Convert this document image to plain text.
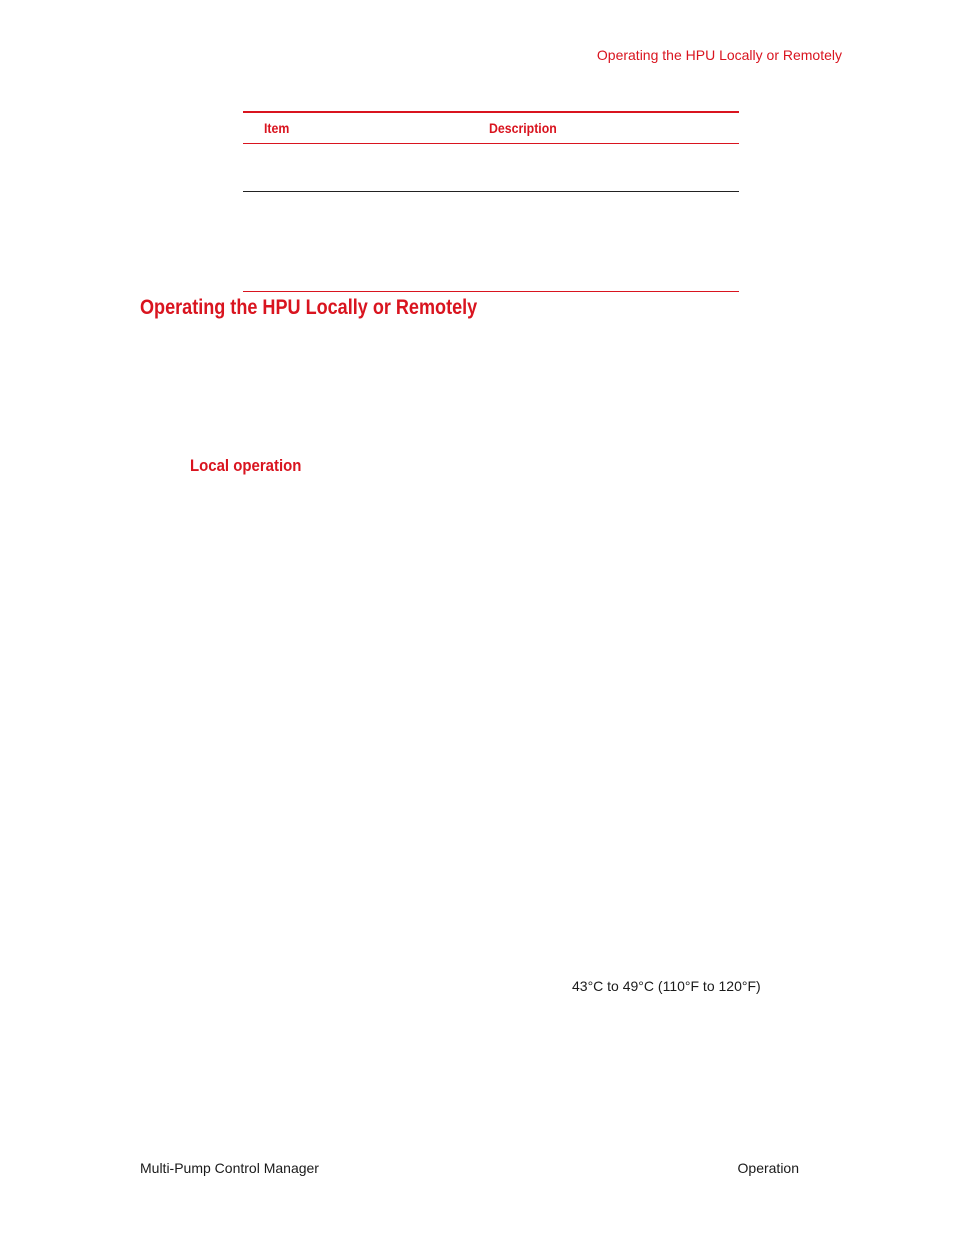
Operating the HPU Locally or Remotely
Item	Description
Operating the HPU Locally or Remotely
Local operation
43°C to 49°C (110°F to 120°F)
Multi-Pump Control Manager	Operation
